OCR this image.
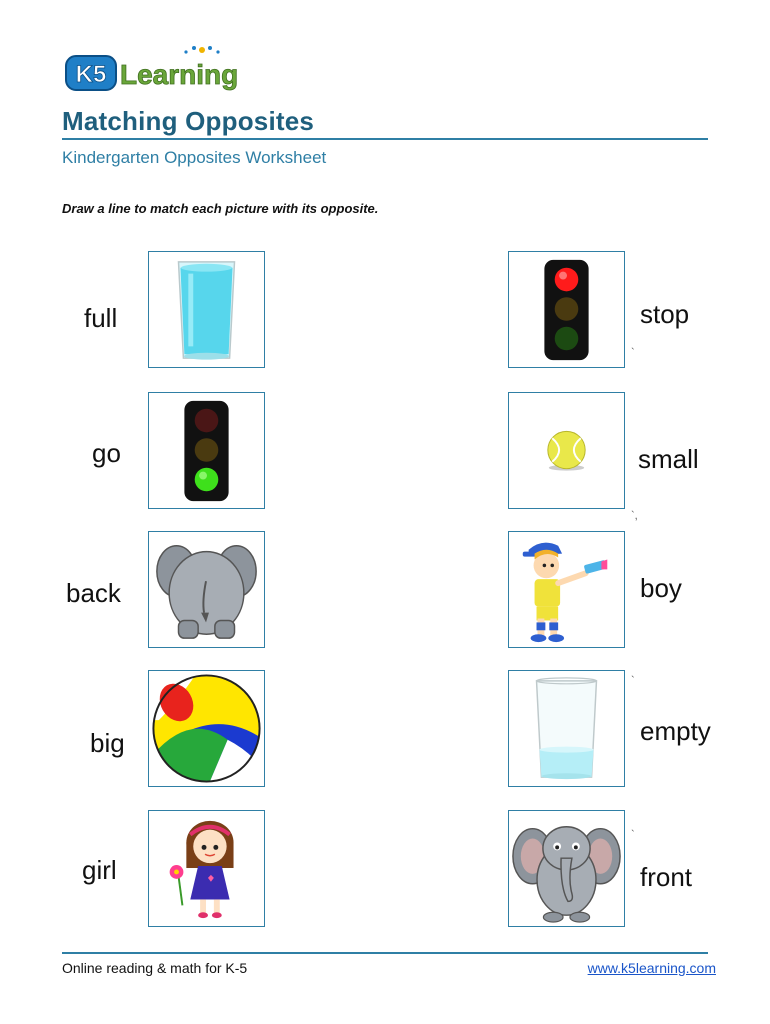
K5 Learning
Matching Opposites
Kindergarten Opposites Worksheet
Draw a line to match each picture with its opposite.
full
go
back
big
girl
stop
`
small
`,
boy
`
empty
`
front
Online reading & math for K-5	www.k5learning.com
